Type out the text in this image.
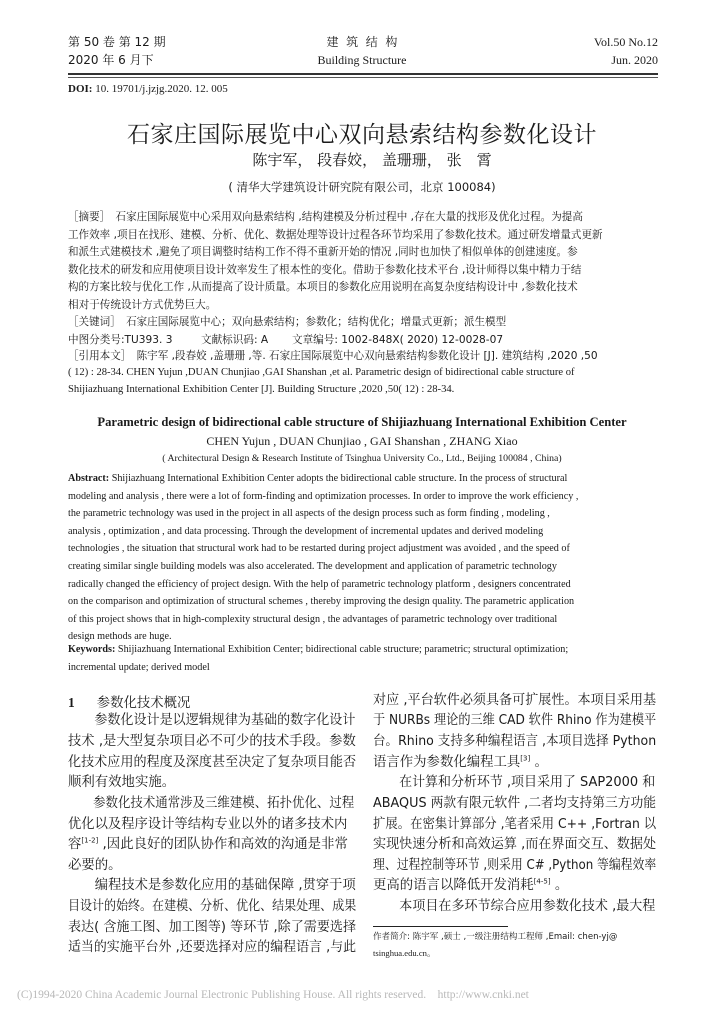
第 50 卷 第 12 期
2020 年 6 月下
建  筑  结  构
Building Structure
Vol.50 No.12
Jun. 2020
DOI: 10. 19701/j.jzjg.2020. 12. 005
石家庄国际展览中心双向悬索结构参数化设计
陈宇军， 段春姣， 盖珊珊， 张　霄
( 清华大学建筑设计研究院有限公司，北京 100084)
［摘要］　石家庄国际展览中心采用双向悬索结构 ,结构建模及分析过程中 ,存在大量的找形及优化过程。为提高
工作效率 ,项目在找形、建模、分析、优化、数据处理等设计过程各环节均采用了参数化技术。通过研发增量式更新
和派生式建模技术 ,避免了项目调整时结构工作不得不重新开始的情况 ,同时也加快了相似单体的创建速度。参
数化技术的研发和应用使项目设计效率发生了根本性的变化。借助于参数化技术平台 ,设计师得以集中精力于结
构的方案比较与优化工作 ,从而提高了设计质量。本项目的参数化应用说明在高复杂度结构设计中 ,参数化技术
相对于传统设计方式优势巨大。
［关键词］　石家庄国际展览中心；双向悬索结构；参数化；结构优化；增量式更新；派生模型
中图分类号:TU393. 3	文献标识码: A 文章编号: 1002-848X( 2020) 12-0028-07
［引用本文］　陈宇军 ,段春姣 ,盖珊珊 ,等. 石家庄国际展览中心双向悬索结构参数化设计 [J]. 建筑结构 ,2020 ,50
( 12) : 28-34. CHEN Yujun ,DUAN Chunjiao ,GAI Shanshan ,et al. Parametric design of bidirectional cable structure of
Shijiazhuang International Exhibition Center [J]. Building Structure ,2020 ,50( 12) : 28-34.
Parametric design of bidirectional cable structure of Shijiazhuang International Exhibition Center
CHEN Yujun , DUAN Chunjiao , GAI Shanshan , ZHANG Xiao
( Architectural Design & Research Institute of Tsinghua University Co., Ltd., Beijing 100084 , China)
Abstract: Shijiazhuang International Exhibition Center adopts the bidirectional cable structure. In the process of structural
modeling and analysis , there were a lot of form-finding and optimization processes. In order to improve the work efficiency ,
the parametric technology was used in the project in all aspects of the design process such as form finding , modeling ,
analysis , optimization , and data processing. Through the development of incremental updates and derived modeling
technologies , the situation that structural work had to be restarted during project adjustment was avoided , and the speed of
creating similar single building models was also accelerated. The development and application of parametric technology
radically changed the efficiency of project design. With the help of parametric technology platform , designers concentrated
on the comparison and optimization of structural schemes , thereby improving the design quality. The parametric application
of this project shows that in high-complexity structural design , the advantages of parametric technology over traditional
design methods are huge.
Keywords: Shijiazhuang International Exhibition Center; bidirectional cable structure; parametric; structural optimization;
incremental update; derived model
1 参数化技术概况
参数化设计是以逻辑规律为基础的数字化设计
技术 ,是大型复杂项目必不可少的技术手段。参数
化技术应用的程度及深度甚至决定了复杂项目能否
顺利有效地实施。
参数化技术通常涉及三维建模、拓扑优化、过程
优化以及程序设计等结构专业以外的诸多技术内
容[1-2] ,因此良好的团队协作和高效的沟通是非常
必要的。
编程技术是参数化应用的基础保障 ,贯穿于项
目设计的始终。在建模、分析、优化、结果处理、成果
表达( 含施工图、加工图等) 等环节 ,除了需要选择
适当的实施平台外 ,还要选择对应的编程语言 ,与此
对应 ,平台软件必须具备可扩展性。本项目采用基
于 NURBs 理论的三维 CAD 软件 Rhino 作为建模平
台。Rhino 支持多种编程语言 ,本项目选择 Python
语言作为参数化编程工具[3] 。
在计算和分析环节 ,项目采用了 SAP2000 和
ABAQUS 两款有限元软件 ,二者均支持第三方功能
扩展。在密集计算部分 ,笔者采用 C++ ,Fortran 以
实现快速分析和高效运算 ,而在界面交互、数据处
理、过程控制等环节 ,则采用 C# ,Python 等编程效率
更高的语言以降低开发消耗[4-5] 。
本项目在多环节综合应用参数化技术 ,最大程
作者简介: 陈宇军 ,硕士 ,一级注册结构工程师 ,Email: chen-yj@
tsinghua.edu.cn。
(C)1994-2020 China Academic Journal Electronic Publishing House. All rights reserved.    http://www.cnki.net
